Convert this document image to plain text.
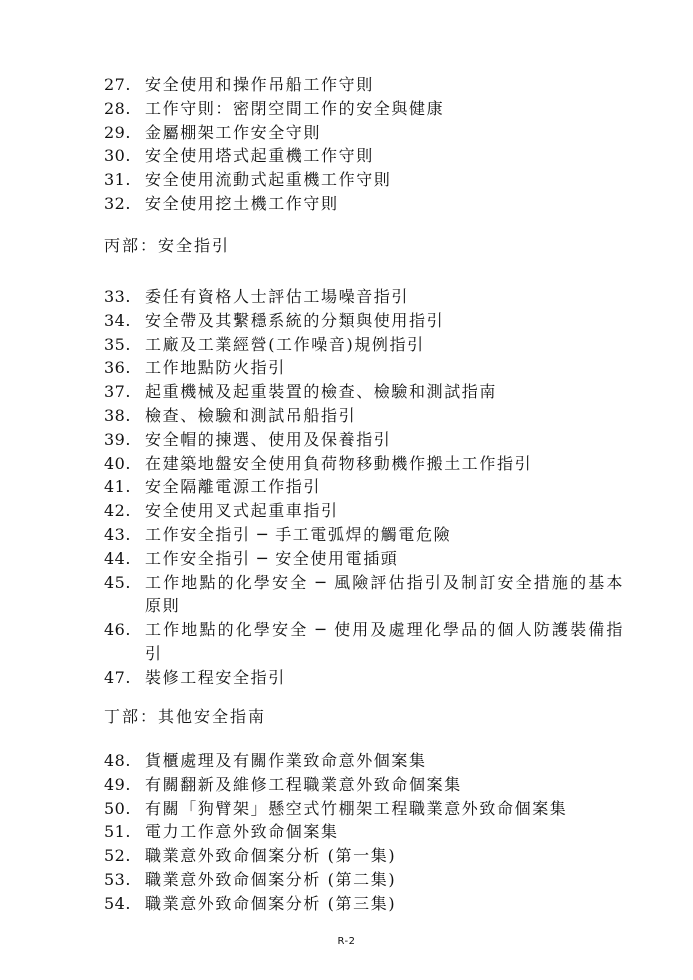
27. 安全使用和操作吊船工作守則
28. 工作守則：密閉空間工作的安全與健康
29. 金屬棚架工作安全守則
30. 安全使用塔式起重機工作守則
31. 安全使用流動式起重機工作守則
32. 安全使用挖土機工作守則
丙部：安全指引
33. 委任有資格人士評估工場噪音指引
34. 安全帶及其繫穩系統的分類與使用指引
35. 工廠及工業經營(工作噪音)規例指引
36. 工作地點防火指引
37. 起重機械及起重裝置的檢查、檢驗和測試指南
38. 檢查、檢驗和測試吊船指引
39. 安全帽的揀選、使用及保養指引
40. 在建築地盤安全使用負荷物移動機作搬土工作指引
41. 安全隔離電源工作指引
42. 安全使用叉式起重車指引
43. 工作安全指引 ─ 手工電弧焊的觸電危險
44. 工作安全指引 ─ 安全使用電插頭
45. 工作地點的化學安全 ─ 風險評估指引及制訂安全措施的基本原則
46. 工作地點的化學安全 ─ 使用及處理化學品的個人防護裝備指引
47. 裝修工程安全指引
丁部：其他安全指南
48. 貨櫃處理及有關作業致命意外個案集
49. 有關翻新及維修工程職業意外致命個案集
50. 有關「狗臂架」懸空式竹棚架工程職業意外致命個案集
51. 電力工作意外致命個案集
52. 職業意外致命個案分析 (第一集)
53. 職業意外致命個案分析 (第二集)
54. 職業意外致命個案分析 (第三集)
R-2
